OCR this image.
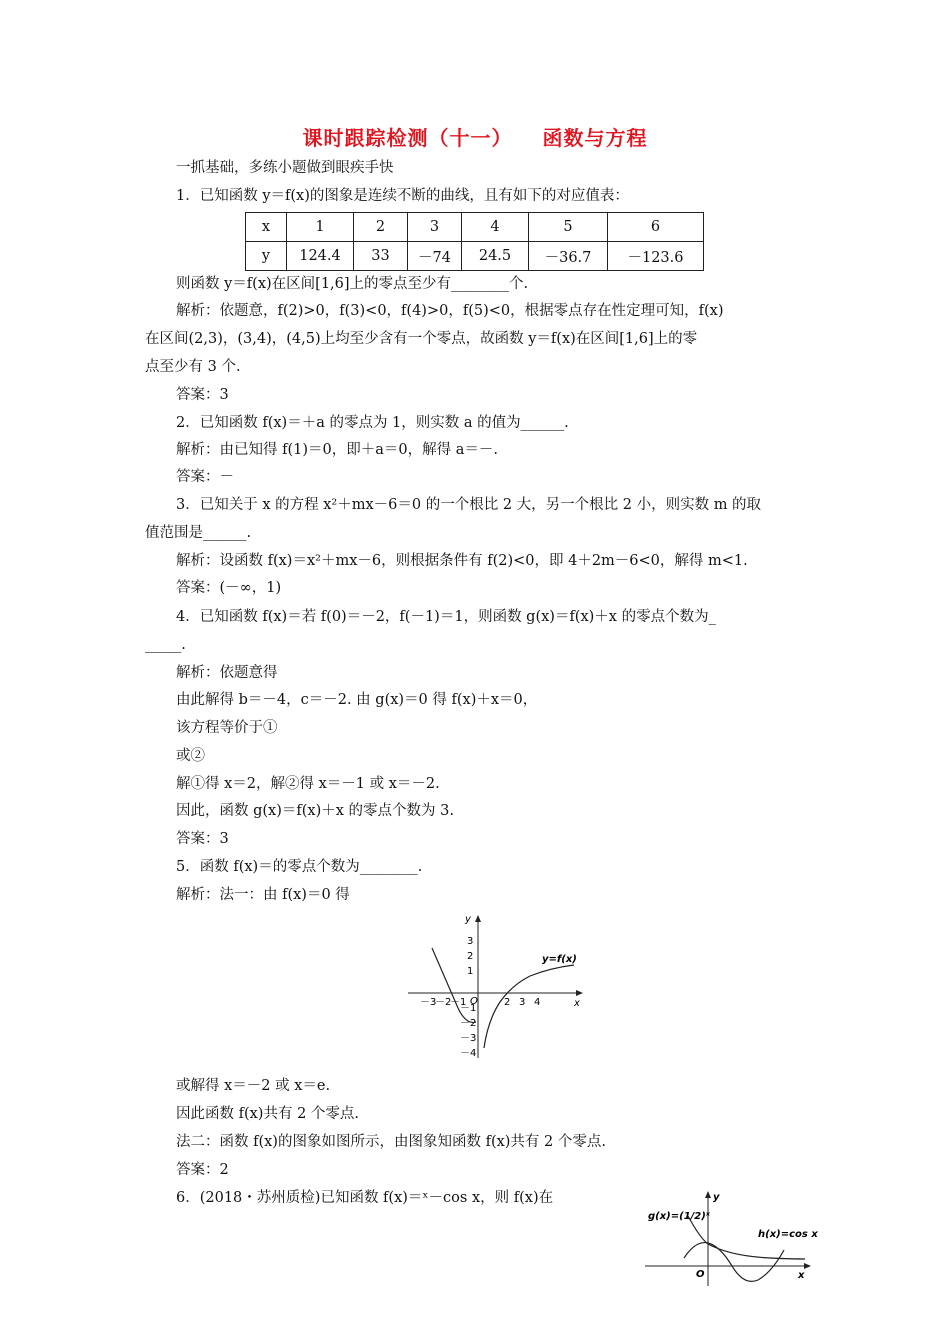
课时跟踪检测（十一） 函数与方程
一抓基础，多练小题做到眼疾手快
1．已知函数 y＝f(x)的图象是连续不断的曲线，且有如下的对应值表：
x	1	2	3	4	5	6
y	124.4	33	－74	24.5	－36.7	－123.6
则函数 y＝f(x)在区间[1,6]上的零点至少有________个.
解析：依题意，f(2)>0，f(3)<0，f(4)>0，f(5)<0，根据零点存在性定理可知，f(x)
在区间(2,3)，(3,4)，(4,5)上均至少含有一个零点，故函数 y＝f(x)在区间[1,6]上的零
点至少有 3 个.
答案：3
2．已知函数 f(x)＝＋a 的零点为 1，则实数 a 的值为______.
解析：由已知得 f(1)＝0，即＋a＝0，解得 a＝－.
答案：－
3．已知关于 x 的方程 x²＋mx－6＝0 的一个根比 2 大，另一个根比 2 小，则实数 m 的取
值范围是______.
解析：设函数 f(x)＝x²＋mx－6，则根据条件有 f(2)<0，即 4＋2m－6<0，解得 m<1.
答案：(－∞，1)
4．已知函数 f(x)＝若 f(0)＝－2，f(－1)＝1，则函数 g(x)＝f(x)＋x 的零点个数为_
_____.
解析：依题意得
由此解得 b＝－4，c＝－2. 由 g(x)＝0 得 f(x)＋x＝0，
该方程等价于①
或②
解①得 x＝2，解②得 x＝－1 或 x＝－2.
因此，函数 g(x)＝f(x)＋x 的零点个数为 3.
答案：3
5．函数 f(x)＝的零点个数为________.
解析：法一：由 f(x)＝0 得
x
y
O
－3
－2
－1	2 3 4
3
2
1
－1
－2
－3
－4
y=f(x)
或解得 x＝－2 或 x＝e.
因此函数 f(x)共有 2 个零点.
法二：函数 f(x)的图象如图所示，由图象知函数 f(x)共有 2 个零点.
答案：2
6．(2018・苏州质检)已知函数 f(x)＝ˣ－cos x，则 f(x)在
x
y
O
g(x)=(1/2)ˣ
h(x)=cos x
